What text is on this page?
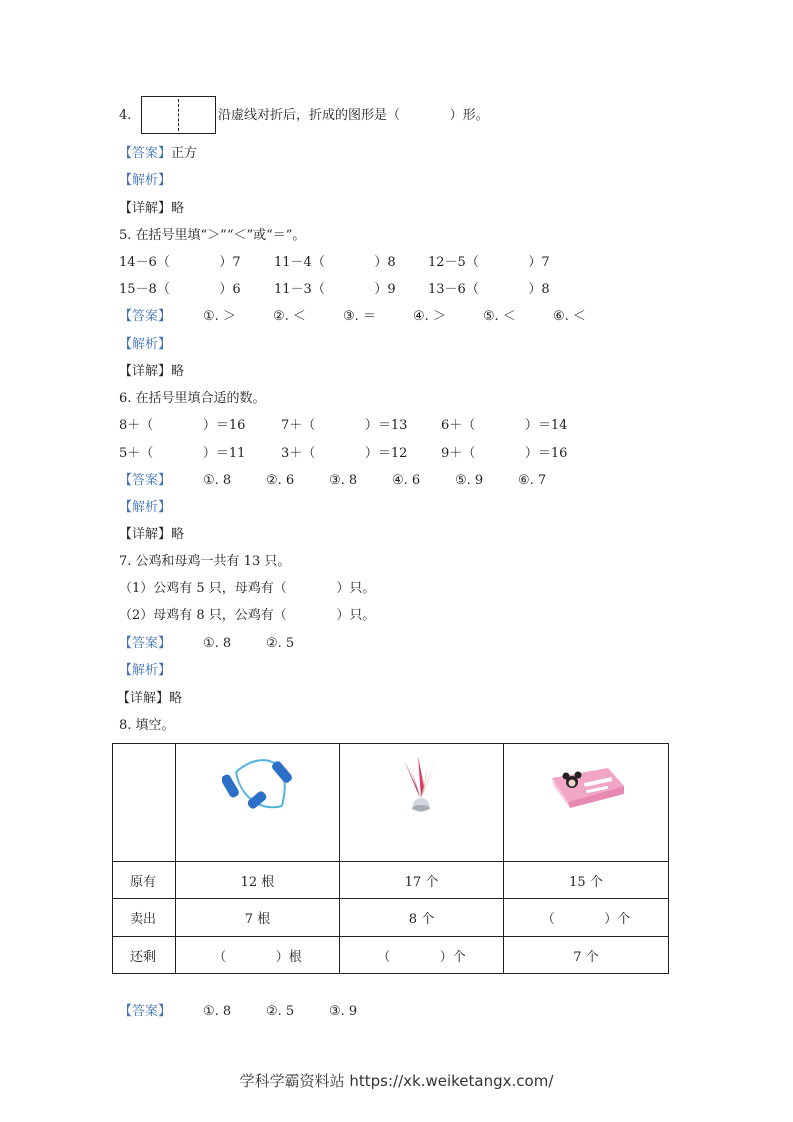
4.	沿虚线对折后，折成的图形是（            ）形。
【答案】正方
【解析】
【详解】略
5. 在括号里填“＞”“＜”或“＝”。
14－6（            ）7	11－4（            ）8 12－5（            ）7
15－8（            ）6	11－3（            ）9 13－6（            ）8
【答案】 ①. ＞	②. ＜	③. ＝	④. ＞	⑤. ＜	⑥. ＜
【解析】
【详解】略
6. 在括号里填合适的数。
8＋（            ）＝16	7＋（            ）＝13	6＋（            ）＝14
5＋（            ）＝11	3＋（            ）＝12	9＋（            ）＝16
【答案】 ①. 8	②. 6	③. 8	④. 6	⑤. 9	⑥. 7
【解析】
【详解】略
7. 公鸡和母鸡一共有 13 只。
（1）公鸡有 5 只，母鸡有（            ）只。
（2）母鸡有 8 只，公鸡有（            ）只。
【答案】 ①. 8	②. 5
【解析】
【详解】略
8. 填空。

原有	12 根	17 个	15 个
卖出	7 根	8 个	（            ）个
还剩	（            ）根	（            ）个	7 个
【答案】 ①. 8	②. 5	③. 9
学科学霸资料站 https://xk.weiketangx.com/
